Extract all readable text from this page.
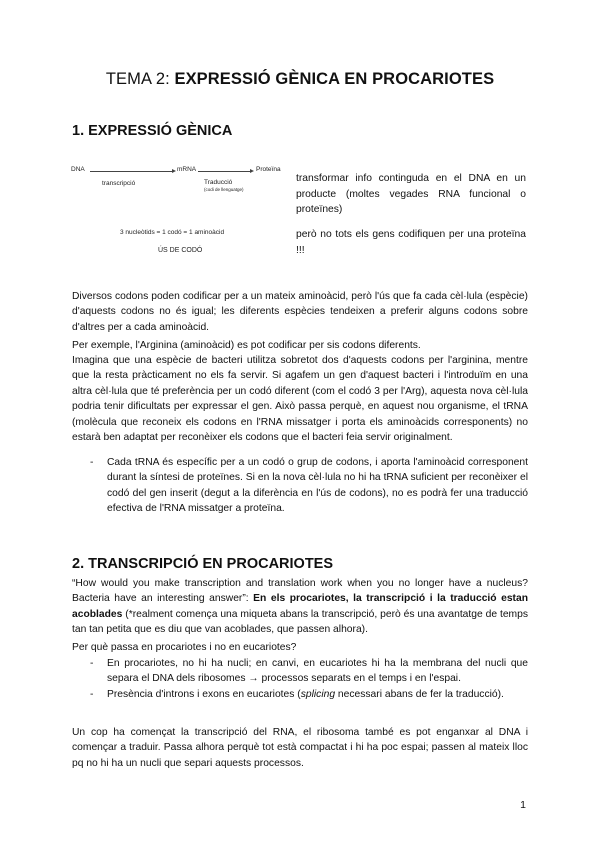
TEMA 2: EXPRESSIÓ GÈNICA EN PROCARIOTES
1. EXPRESSIÓ GÈNICA
DNA	mRNA	Proteïna
transcripció	Traducció
(codi de llenguatge)
3 nucleòtids = 1 codó = 1 aminoàcid
ÚS DE CODÓ
transformar info continguda en el DNA en un producte (moltes vegades RNA funcional o proteïnes)
però no tots els gens codifiquen per una proteïna !!!
Diversos codons poden codificar per a un mateix aminoàcid, però l'ús que fa cada cèl·lula (espècie) d'aquests codons no és igual; les diferents espècies tendeixen a preferir alguns codons sobre d'altres per a cada aminoàcid.
Per exemple, l'Arginina (aminoàcid) es pot codificar per sis codons diferents.
Imagina que una espècie de bacteri utilitza sobretot dos d'aquests codons per l'arginina, mentre que la resta pràcticament no els fa servir. Si agafem un gen d'aquest bacteri i l'introduïm en una altra cèl·lula que té preferència per un codó diferent (com el codó 3 per l'Arg), aquesta nova cèl·lula podria tenir dificultats per expressar el gen. Això passa perquè, en aquest nou organisme, el tRNA (molècula que reconeix els codons en l'RNA missatger i porta els aminoàcids corresponents) no estarà ben adaptat per reconèixer els codons que el bacteri feia servir originalment.
- Cada tRNA és específic per a un codó o grup de codons, i aporta l'aminoàcid corresponent durant la síntesi de proteïnes. Si en la nova cèl·lula no hi ha tRNA suficient per reconèixer el codó del gen inserit (degut a la diferència en l'ús de codons), no es podrà fer una traducció efectiva de l'RNA missatger a proteïna.
2. TRANSCRIPCIÓ EN PROCARIOTES
“How would you make transcription and translation work when you no longer have a nucleus? Bacteria have an interesting answer”: En els procariotes, la transcripció i la traducció estan acoblades (*realment comença una miqueta abans la transcripció, però és una avantatge de temps tan tan petita que es diu que van acoblades, que passen alhora).
Per què passa en procariotes i no en eucariotes?
- En procariotes, no hi ha nucli; en canvi, en eucariotes hi ha la membrana del nucli que separa el DNA dels ribosomes → processos separats en el temps i en l'espai.
- Presència d'introns i exons en eucariotes (splicing necessari abans de fer la traducció).
Un cop ha començat la transcripció del RNA, el ribosoma també es pot enganxar al DNA i començar a traduir. Passa alhora perquè tot està compactat i hi ha poc espai; passen al mateix lloc pq no hi ha un nucli que separi aquests processos.
1
